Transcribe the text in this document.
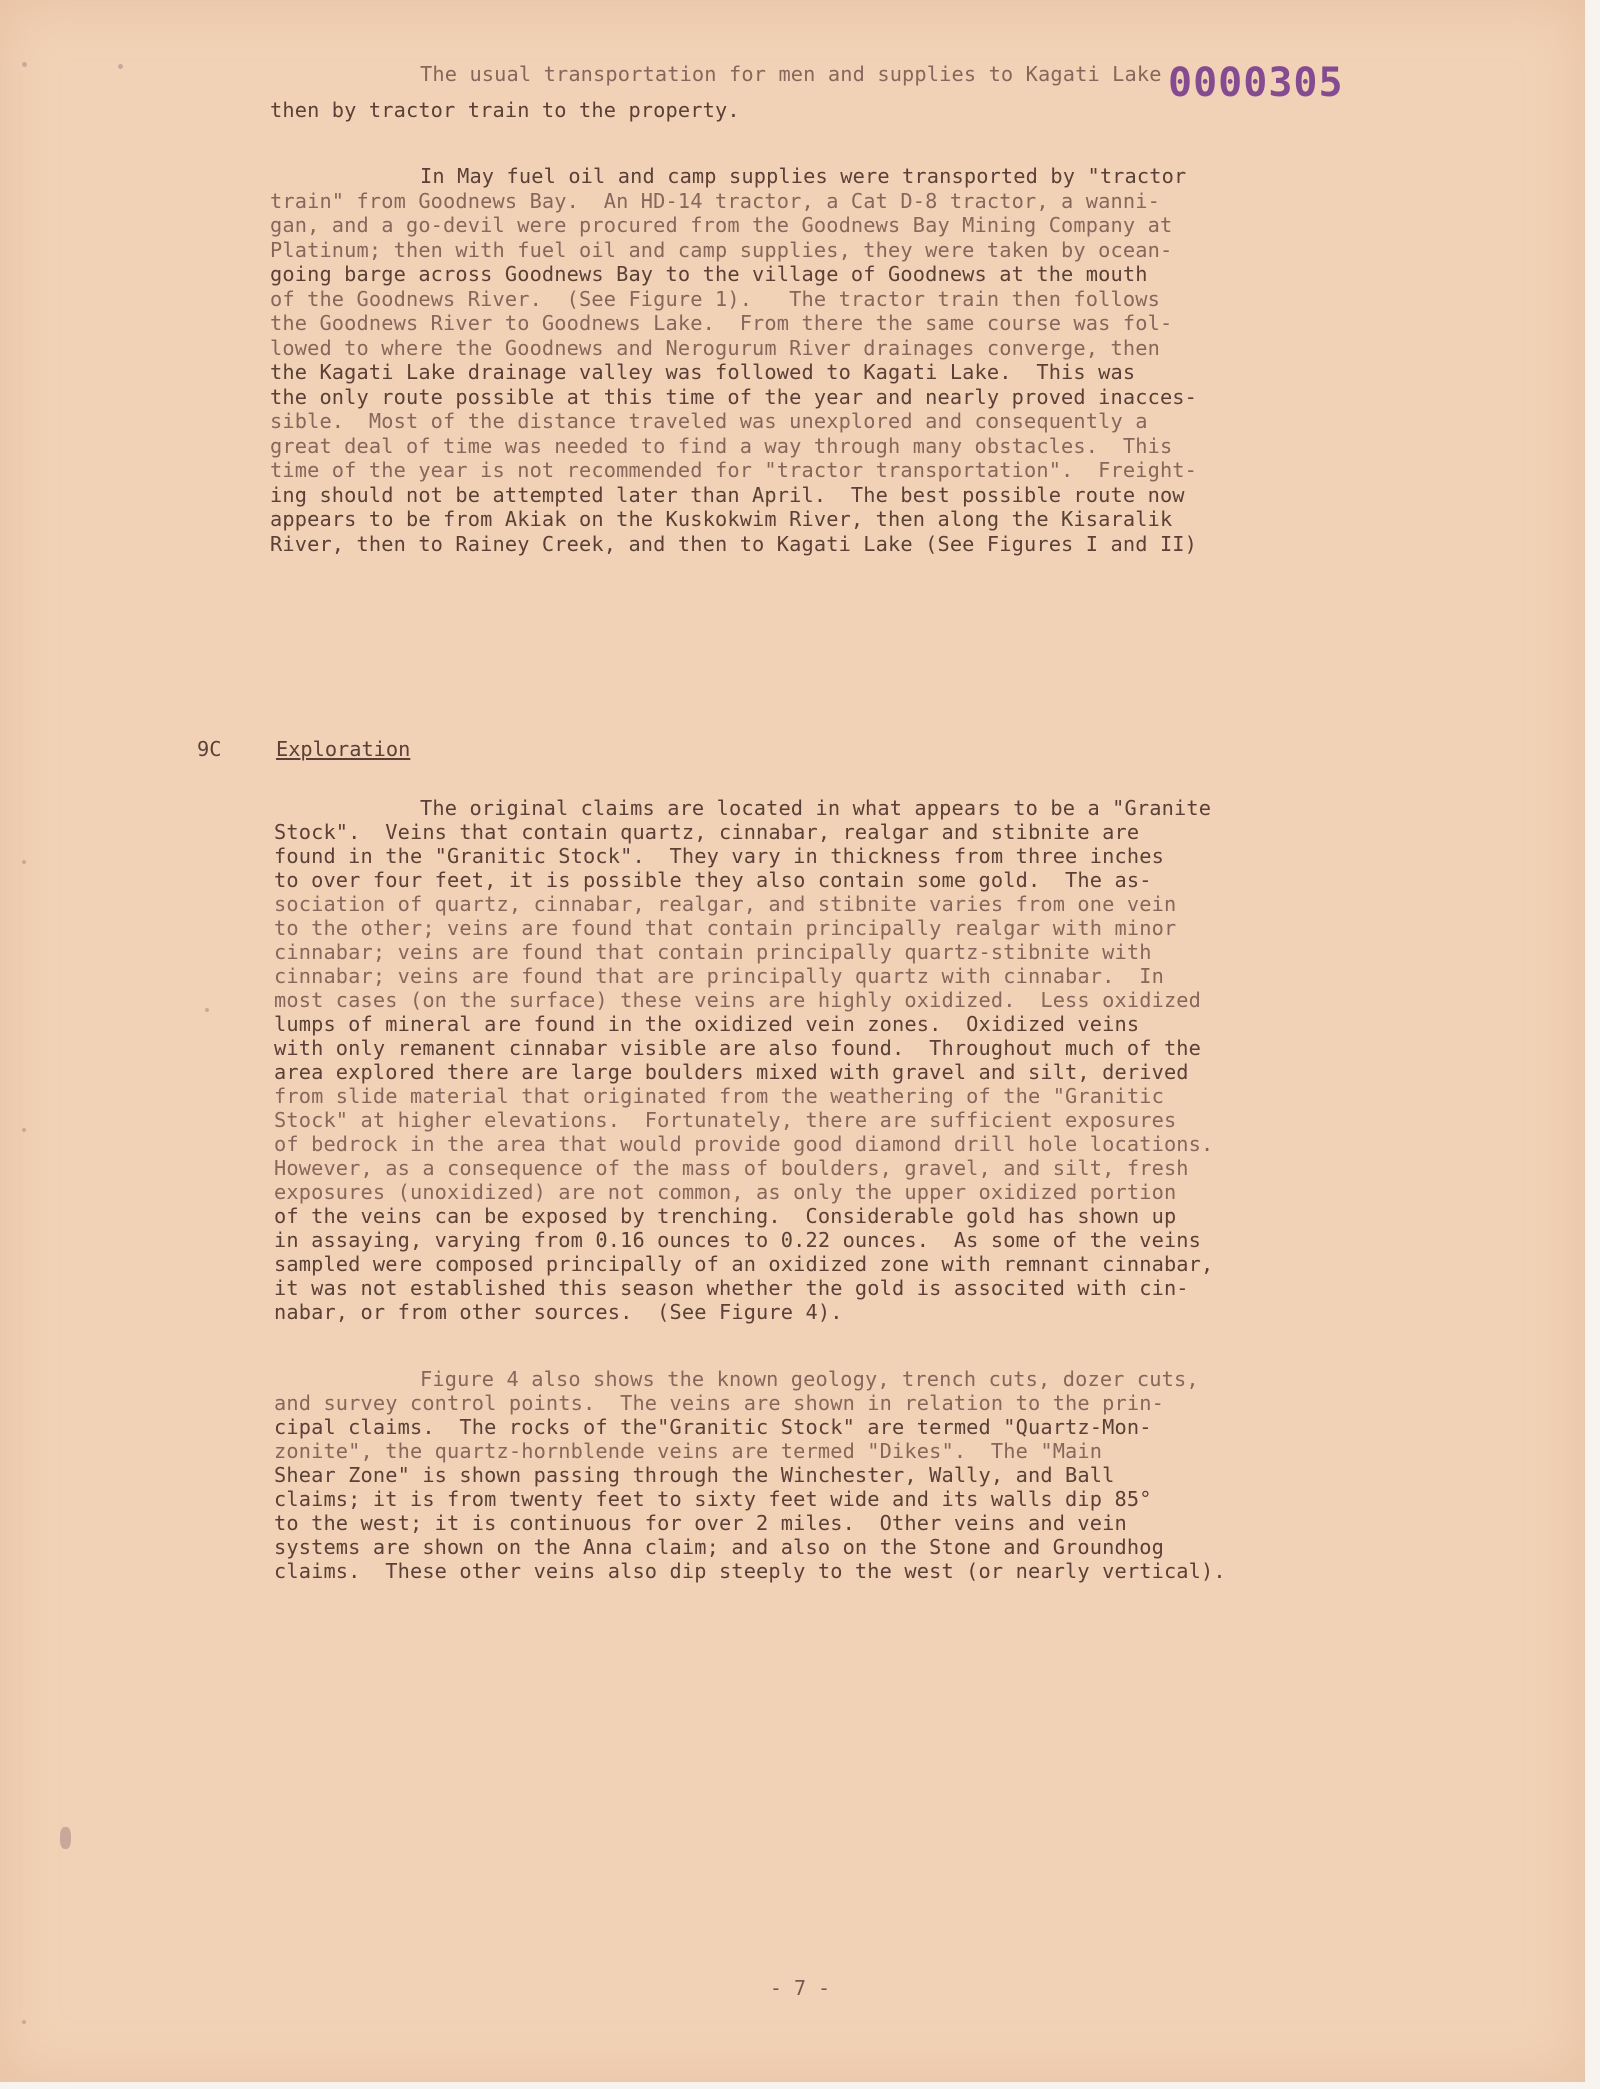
0000305
The usual transportation for men and supplies to Kagati Lake
then by tractor train to the property.
In May fuel oil and camp supplies were transported by "tractor
train" from Goodnews Bay.  An HD-14 tractor, a Cat D-8 tractor, a wanni-
gan, and a go-devil were procured from the Goodnews Bay Mining Company at
Platinum; then with fuel oil and camp supplies, they were taken by ocean-
going barge across Goodnews Bay to the village of Goodnews at the mouth
of the Goodnews River.  (See Figure 1).   The tractor train then follows
the Goodnews River to Goodnews Lake.  From there the same course was fol-
lowed to where the Goodnews and Nerogurum River drainages converge, then
the Kagati Lake drainage valley was followed to Kagati Lake.  This was
the only route possible at this time of the year and nearly proved inacces-
sible.  Most of the distance traveled was unexplored and consequently a
great deal of time was needed to find a way through many obstacles.  This
time of the year is not recommended for "tractor transportation".  Freight-
ing should not be attempted later than April.  The best possible route now
appears to be from Akiak on the Kuskokwim River, then along the Kisaralik
River, then to Rainey Creek, and then to Kagati Lake (See Figures I and II)
9C	Exploration
The original claims are located in what appears to be a "Granite
Stock".  Veins that contain quartz, cinnabar, realgar and stibnite are
found in the "Granitic Stock".  They vary in thickness from three inches
to over four feet, it is possible they also contain some gold.  The as-
sociation of quartz, cinnabar, realgar, and stibnite varies from one vein
to the other; veins are found that contain principally realgar with minor
cinnabar; veins are found that contain principally quartz-stibnite with
cinnabar; veins are found that are principally quartz with cinnabar.  In
most cases (on the surface) these veins are highly oxidized.  Less oxidized
lumps of mineral are found in the oxidized vein zones.  Oxidized veins
with only remanent cinnabar visible are also found.  Throughout much of the
area explored there are large boulders mixed with gravel and silt, derived
from slide material that originated from the weathering of the "Granitic
Stock" at higher elevations.  Fortunately, there are sufficient exposures
of bedrock in the area that would provide good diamond drill hole locations.
However, as a consequence of the mass of boulders, gravel, and silt, fresh
exposures (unoxidized) are not common, as only the upper oxidized portion
of the veins can be exposed by trenching.  Considerable gold has shown up
in assaying, varying from 0.16 ounces to 0.22 ounces.  As some of the veins
sampled were composed principally of an oxidized zone with remnant cinnabar,
it was not established this season whether the gold is associted with cin-
nabar, or from other sources.  (See Figure 4).
Figure 4 also shows the known geology, trench cuts, dozer cuts,
and survey control points.  The veins are shown in relation to the prin-
cipal claims.  The rocks of the"Granitic Stock" are termed "Quartz-Mon-
zonite", the quartz-hornblende veins are termed "Dikes".  The "Main
Shear Zone" is shown passing through the Winchester, Wally, and Ball
claims; it is from twenty feet to sixty feet wide and its walls dip 85°
to the west; it is continuous for over 2 miles.  Other veins and vein
systems are shown on the Anna claim; and also on the Stone and Groundhog
claims.  These other veins also dip steeply to the west (or nearly vertical).
- 7 -
